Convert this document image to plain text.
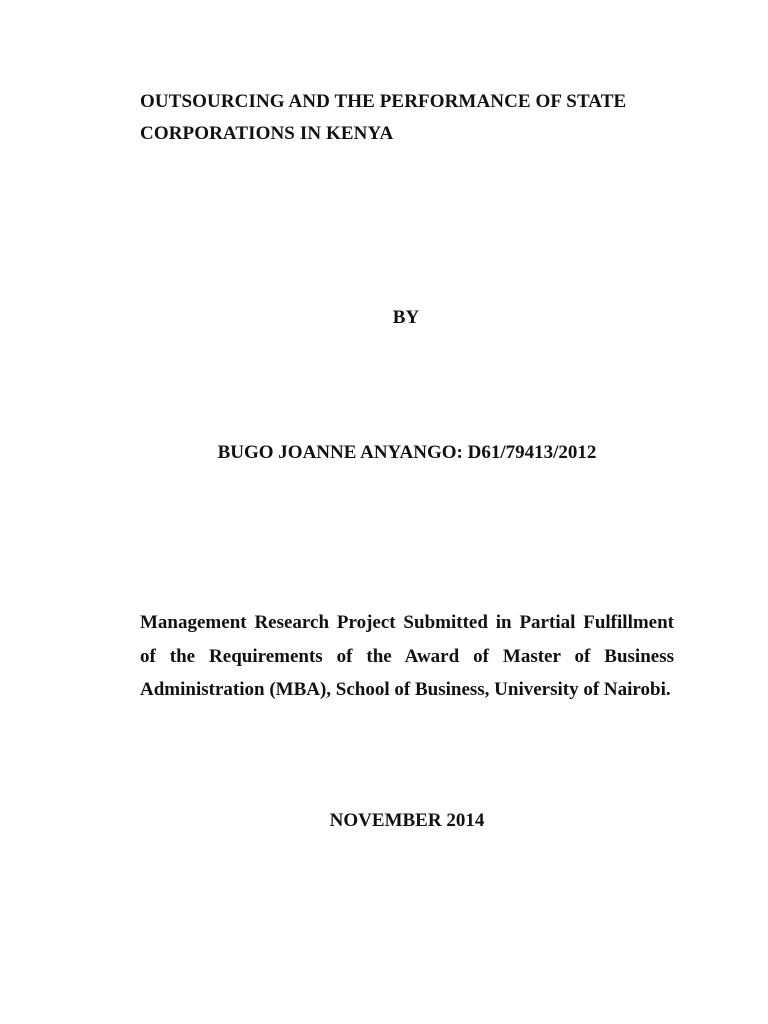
OUTSOURCING AND THE PERFORMANCE OF STATE CORPORATIONS IN KENYA
BY
BUGO JOANNE ANYANGO: D61/79413/2012

Management Research Project Submitted in Partial Fulfillment of the Requirements of the Award of Master of Business Administration (MBA), School of Business, University of Nairobi.

NOVEMBER 2014
